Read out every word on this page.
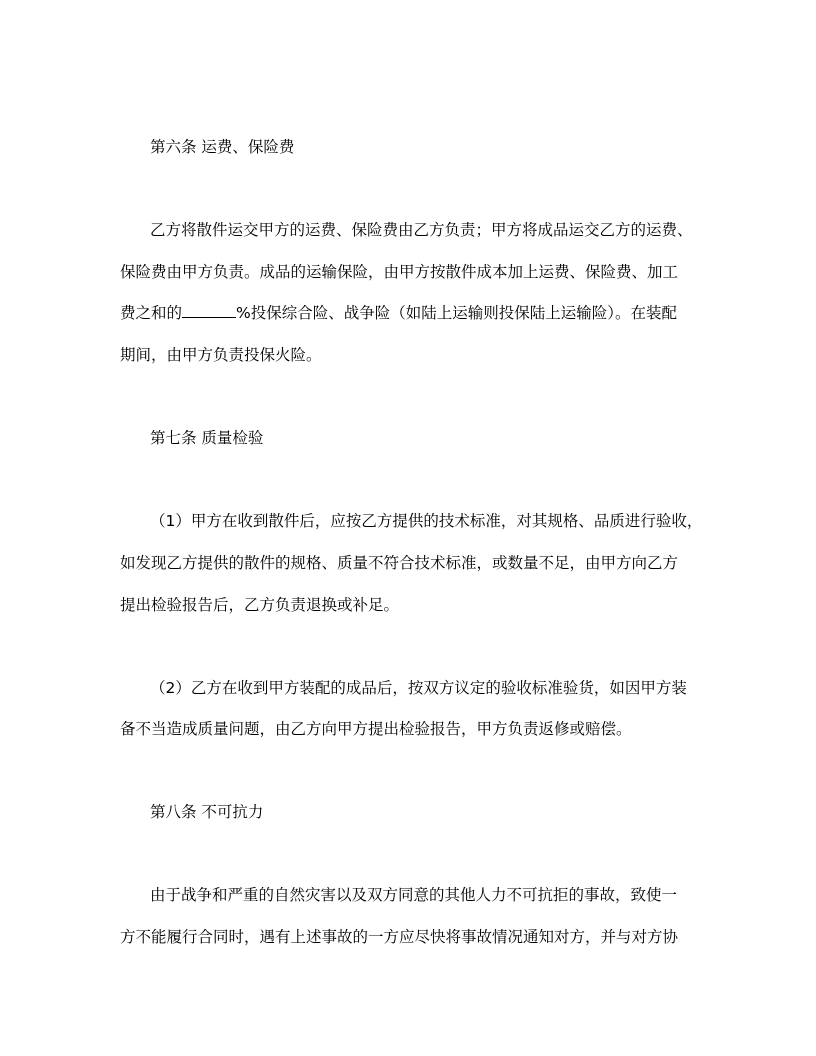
第六条 运费、保险费
乙方将散件运交甲方的运费、保险费由乙方负责；甲方将成品运交乙方的运费、
保险费由甲方负责。成品的运输保险，由甲方按散件成本加上运费、保险费、加工
费之和的	%投保综合险、战争险（如陆上运输则投保陆上运输险）。在装配
期间，由甲方负责投保火险。
第七条 质量检验
（1）甲方在收到散件后，应按乙方提供的技术标准，对其规格、品质进行验收，
如发现乙方提供的散件的规格、质量不符合技术标准，或数量不足，由甲方向乙方
提出检验报告后，乙方负责退换或补足。
（2）乙方在收到甲方装配的成品后，按双方议定的验收标准验货，如因甲方装
备不当造成质量问题，由乙方向甲方提出检验报告，甲方负责返修或赔偿。
第八条 不可抗力
由于战争和严重的自然灾害以及双方同意的其他人力不可抗拒的事故，致使一
方不能履行合同时，遇有上述事故的一方应尽快将事故情况通知对方，并与对方协
